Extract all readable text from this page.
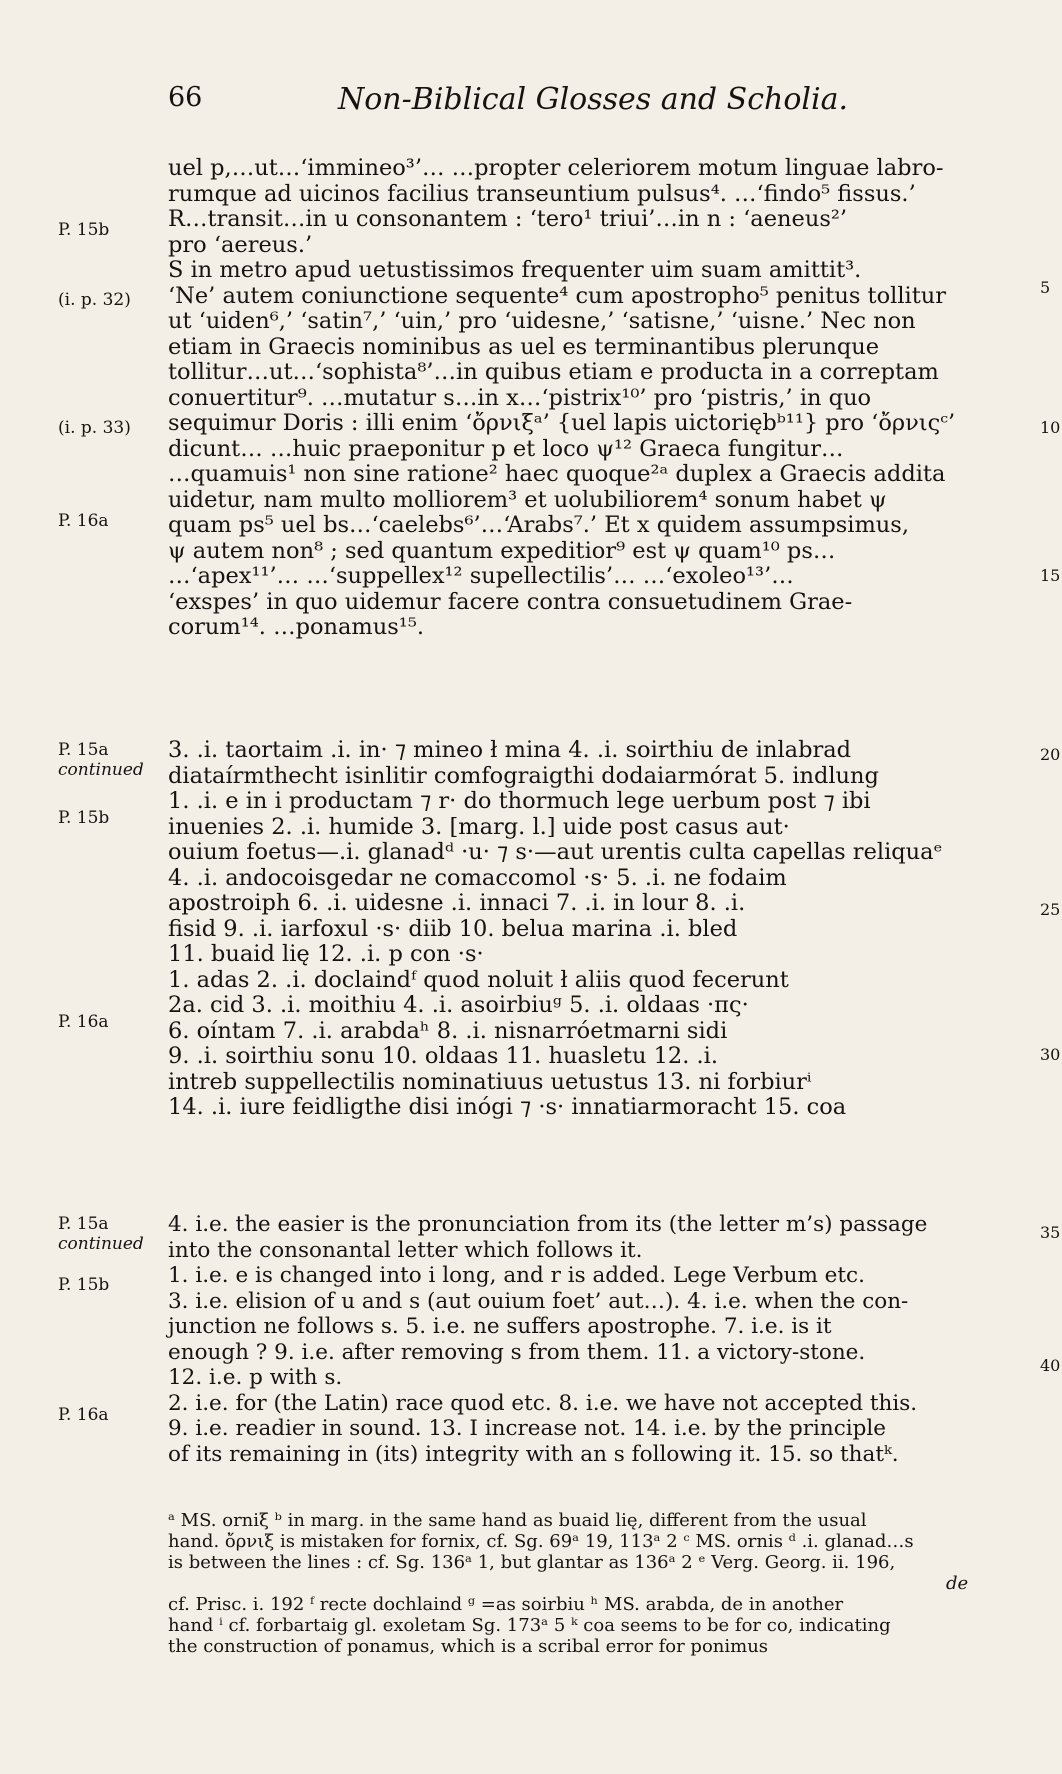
66	Non-Biblical Glosses and Scholia.
P. 15b
(i. p. 32)
(i. p. 33)
P. 16a
P. 15a
continued
P. 15b
P. 16a
P. 15a
continued
P. 15b
P. 16a
5
10
15
20
25
30
35
40
uel p,…ut…‘immineo³’… …propter celeriorem motum linguae labro-
rumque ad uicinos facilius transeuntium pulsus⁴. …‘findo⁵ fissus.’
R…transit…in u consonantem : ‘tero¹ triui’…in n : ‘aeneus²’
pro ‘aereus.’
S in metro apud uetustissimos frequenter uim suam amittit³.
‘Ne’ autem coniunctione sequente⁴ cum apostropho⁵ penitus tollitur
ut ‘uiden⁶,’ ‘satin⁷,’ ‘uin,’ pro ‘uidesne,’ ‘satisne,’ ‘uisne.’ Nec non
etiam in Graecis nominibus as uel es terminantibus plerunque
tollitur…ut…‘sophista⁸’…in quibus etiam e producta in a correptam
conuertitur⁹. …mutatur s…in x…‘pistrix¹⁰’ pro ‘pistris,’ in quo
sequimur Doris : illi enim ‘ὄρνιξᵃ’ {uel lapis uictoriębᵇ¹¹} pro ‘ὄρνιςᶜ’
dicunt… …huic praeponitur p et loco ψ¹² Graeca fungitur…
…quamuis¹ non sine ratione² haec quoque²ᵃ duplex a Graecis addita
uidetur, nam multo molliorem³ et uolubiliorem⁴ sonum habet ψ
quam ps⁵ uel bs…‘caelebs⁶’…‘Arabs⁷.’ Et x quidem assumpsimus,
ψ autem non⁸ ; sed quantum expeditior⁹ est ψ quam¹⁰ ps…
…‘apex¹¹’… …‘suppellex¹² supellectilis’… …‘exoleo¹³’…
‘exspes’ in quo uidemur facere contra consuetudinem Grae-
corum¹⁴. …ponamus¹⁵.
3. .i. taortaim .i. in· ⁊ mineo ł mina 4. .i. soirthiu de inlabrad
diataírmthecht isinlitir comfograigthi dodaiarmórat 5. indlung
1. .i. e in i productam ⁊ r· do thormuch lege uerbum post ⁊ ibi
inuenies 2. .i. humide 3. [marg. l.] uide post casus aut·
ouium foetus—.i. glanadᵈ ·u· ⁊ s·—aut urentis culta capellas reliquaᵉ
4. .i. andocoisgedar ne comaccomol ·s· 5. .i. ne fodaim
apostroiph 6. .i. uidesne .i. innaci 7. .i. in lour 8. .i.
fisid 9. .i. iarfoxul ·s· diib 10. belua marina .i. bled
11. buaid lię 12. .i. p con ·s·
1. adas 2. .i. doclaindᶠ quod noluit ł aliis quod fecerunt
2a. cid 3. .i. moithiu 4. .i. asoirbiuᵍ 5. .i. oldaas ·πς·
6. oíntam 7. .i. arabdaʰ 8. .i. nisnarróetmarni sidi
9. .i. soirthiu sonu 10. oldaas 11. huasletu 12. .i.
intreb suppellectilis nominatiuus uetustus 13. ni forbiurⁱ
14. .i. iure feidligthe disi inógi ⁊ ·s· innatiarmoracht 15. coa
4. i.e. the easier is the pronunciation from its (the letter m’s) passage
into the consonantal letter which follows it.
1. i.e. e is changed into i long, and r is added. Lege Verbum etc.
3. i.e. elision of u and s (aut ouium foet’ aut…). 4. i.e. when the con-
junction ne follows s. 5. i.e. ne suffers apostrophe. 7. i.e. is it
enough ? 9. i.e. after removing s from them. 11. a victory-stone.
12. i.e. p with s.
2. i.e. for (the Latin) race quod etc. 8. i.e. we have not accepted this.
9. i.e. readier in sound. 13. I increase not. 14. i.e. by the principle
of its remaining in (its) integrity with an s following it. 15. so thatᵏ.
ᵃ MS. orniξ ᵇ in marg. in the same hand as buaid lię, different from the usual
hand. ὄρνιξ is mistaken for fornix, cf. Sg. 69ᵃ 19, 113ᵃ 2 ᶜ MS. ornis ᵈ .i. glanad…s
is between the lines : cf. Sg. 136ᵃ 1, but glantar as 136ᵃ 2 ᵉ Verg. Georg. ii. 196,
de
cf. Prisc. i. 192 ᶠ recte dochlaind ᵍ =as soirbiu ʰ MS. arabda, de in another
hand ⁱ cf. forbartaig gl. exoletam Sg. 173ᵃ 5 ᵏ coa seems to be for co, indicating
the construction of ponamus, which is a scribal error for ponimus
